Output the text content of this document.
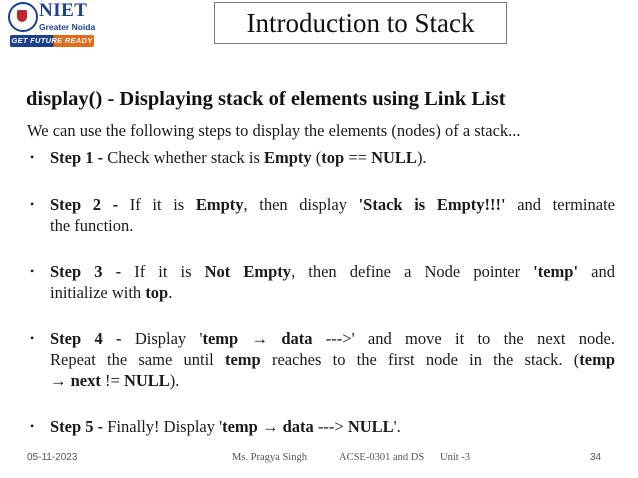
NIET
Greater Noida
GET FUTURE READY
Introduction to Stack
display() - Displaying stack of elements using Link List
We can use the following steps to display the elements (nodes) of a stack...
• Step 1 - Check whether stack is Empty (top == NULL).
• Step 2 - If it is Empty, then display 'Stack is Empty!!!' and terminate
the function.
• Step 3 - If it is Not Empty, then define a Node pointer 'temp' and
initialize with top.
• Step 4 - Display 'temp → data --->' and move it to the next node.
Repeat the same until temp reaches to the first node in the stack. (temp
→ next != NULL).
• Step 5 - Finally! Display 'temp → data ---> NULL'.
05-11-2023	Ms. Pragya Singh	ACSE-0301 and DS Unit -3	34
